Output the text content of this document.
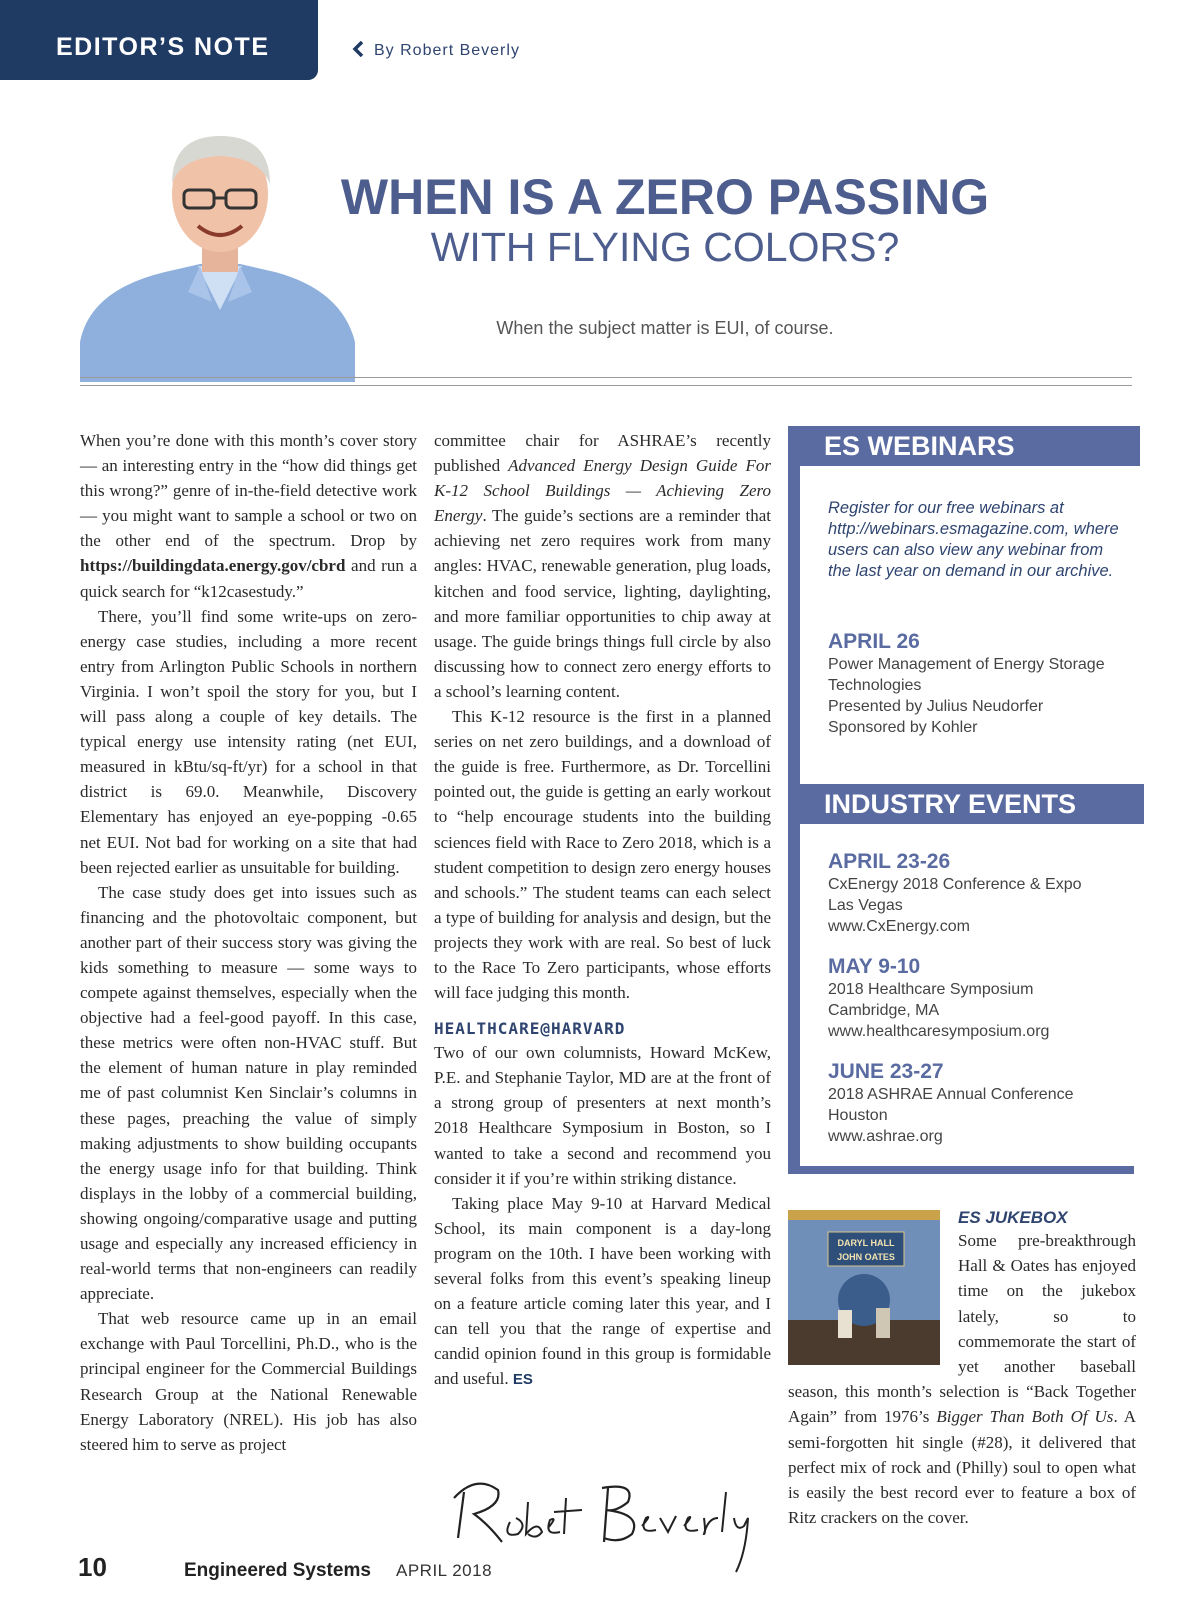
EDITOR’S NOTE	By Robert Beverly
WHEN IS A ZERO PASSING
WITH FLYING COLORS?
When the subject matter is EUI, of course.

When you’re done with this month’s cover story — an interesting entry in the “how did things get this wrong?” genre of in-the-field detective work — you might want to sample a school or two on the other end of the spectrum. Drop by https://buildingdata.energy.gov/cbrd and run a quick search for “k12casestudy.”

There, you’ll find some write-ups on zero-energy case studies, including a more recent entry from Arlington Public Schools in northern Virginia. I won’t spoil the story for you, but I will pass along a couple of key details. The typical energy use intensity rating (net EUI, measured in kBtu/sq-ft/yr) for a school in that district is 69.0. Meanwhile, Discovery Elementary has enjoyed an eye-popping -0.65 net EUI. Not bad for working on a site that had been rejected earlier as unsuitable for building.

The case study does get into issues such as financing and the photovoltaic component, but another part of their success story was giving the kids something to measure — some ways to compete against themselves, especially when the objective had a feel-good payoff. In this case, these metrics were often non-HVAC stuff. But the element of human nature in play reminded me of past columnist Ken Sinclair’s columns in these pages, preaching the value of simply making adjustments to show building occupants the energy usage info for that building. Think displays in the lobby of a commercial building, showing ongoing/comparative usage and putting usage and especially any increased efficiency in real-world terms that non-engineers can readily appreciate.

That web resource came up in an email exchange with Paul Torcellini, Ph.D., who is the principal engineer for the Commercial Buildings Research Group at the National Renewable Energy Laboratory (NREL). His job has also steered him to serve as project

committee chair for ASHRAE’s recently published Advanced Energy Design Guide For K-12 School Buildings — Achieving Zero Energy. The guide’s sections are a reminder that achieving net zero requires work from many angles: HVAC, renewable generation, plug loads, kitchen and food service, lighting, daylighting, and more familiar opportunities to chip away at usage. The guide brings things full circle by also discussing how to connect zero energy efforts to a school’s learning content.

This K-12 resource is the first in a planned series on net zero buildings, and a download of the guide is free. Furthermore, as Dr. Torcellini pointed out, the guide is getting an early workout to “help encourage students into the building sciences field with Race to Zero 2018, which is a student competition to design zero energy houses and schools.” The student teams can each select a type of building for analysis and design, but the projects they work with are real. So best of luck to the Race To Zero participants, whose efforts will face judging this month.

HEALTHCARE@HARVARD

Two of our own columnists, Howard McKew, P.E. and Stephanie Taylor, MD are at the front of a strong group of presenters at next month’s 2018 Healthcare Symposium in Boston, so I wanted to take a second and recommend you consider it if you’re within striking distance.

Taking place May 9-10 at Harvard Medical School, its main component is a day-long program on the 10th. I have been working with several folks from this event’s speaking lineup on a feature article coming later this year, and I can tell you that the range of expertise and candid opinion found in this group is formidable and useful. ES

ES WEBINARS
Register for our free webinars at http://webinars.esmagazine.com, where users can also view any webinar from the last year on demand in our archive.
APRIL 26
Power Management of Energy Storage Technologies
Presented by Julius Neudorfer
Sponsored by Kohler
INDUSTRY EVENTS
APRIL 23-26
CxEnergy 2018 Conference & Expo
Las Vegas
www.CxEnergy.com
MAY 9-10
2018 Healthcare Symposium
Cambridge, MA
www.healthcaresymposium.org
JUNE 23-27
2018 ASHRAE Annual Conference
Houston
www.ashrae.org
DARYL HALL
JOHN OATES
ES JUKEBOX
Some pre-breakthrough Hall & Oates has enjoyed time on the jukebox lately, so to commemorate the start of yet another baseball season, this month’s selection is “Back Together Again” from 1976’s Bigger Than Both Of Us. A semi-forgotten hit single (#28), it delivered that perfect mix of rock and (Philly) soul to open what is easily the best record ever to feature a box of Ritz crackers on the cover.
10	Engineered Systems APRIL 2018
